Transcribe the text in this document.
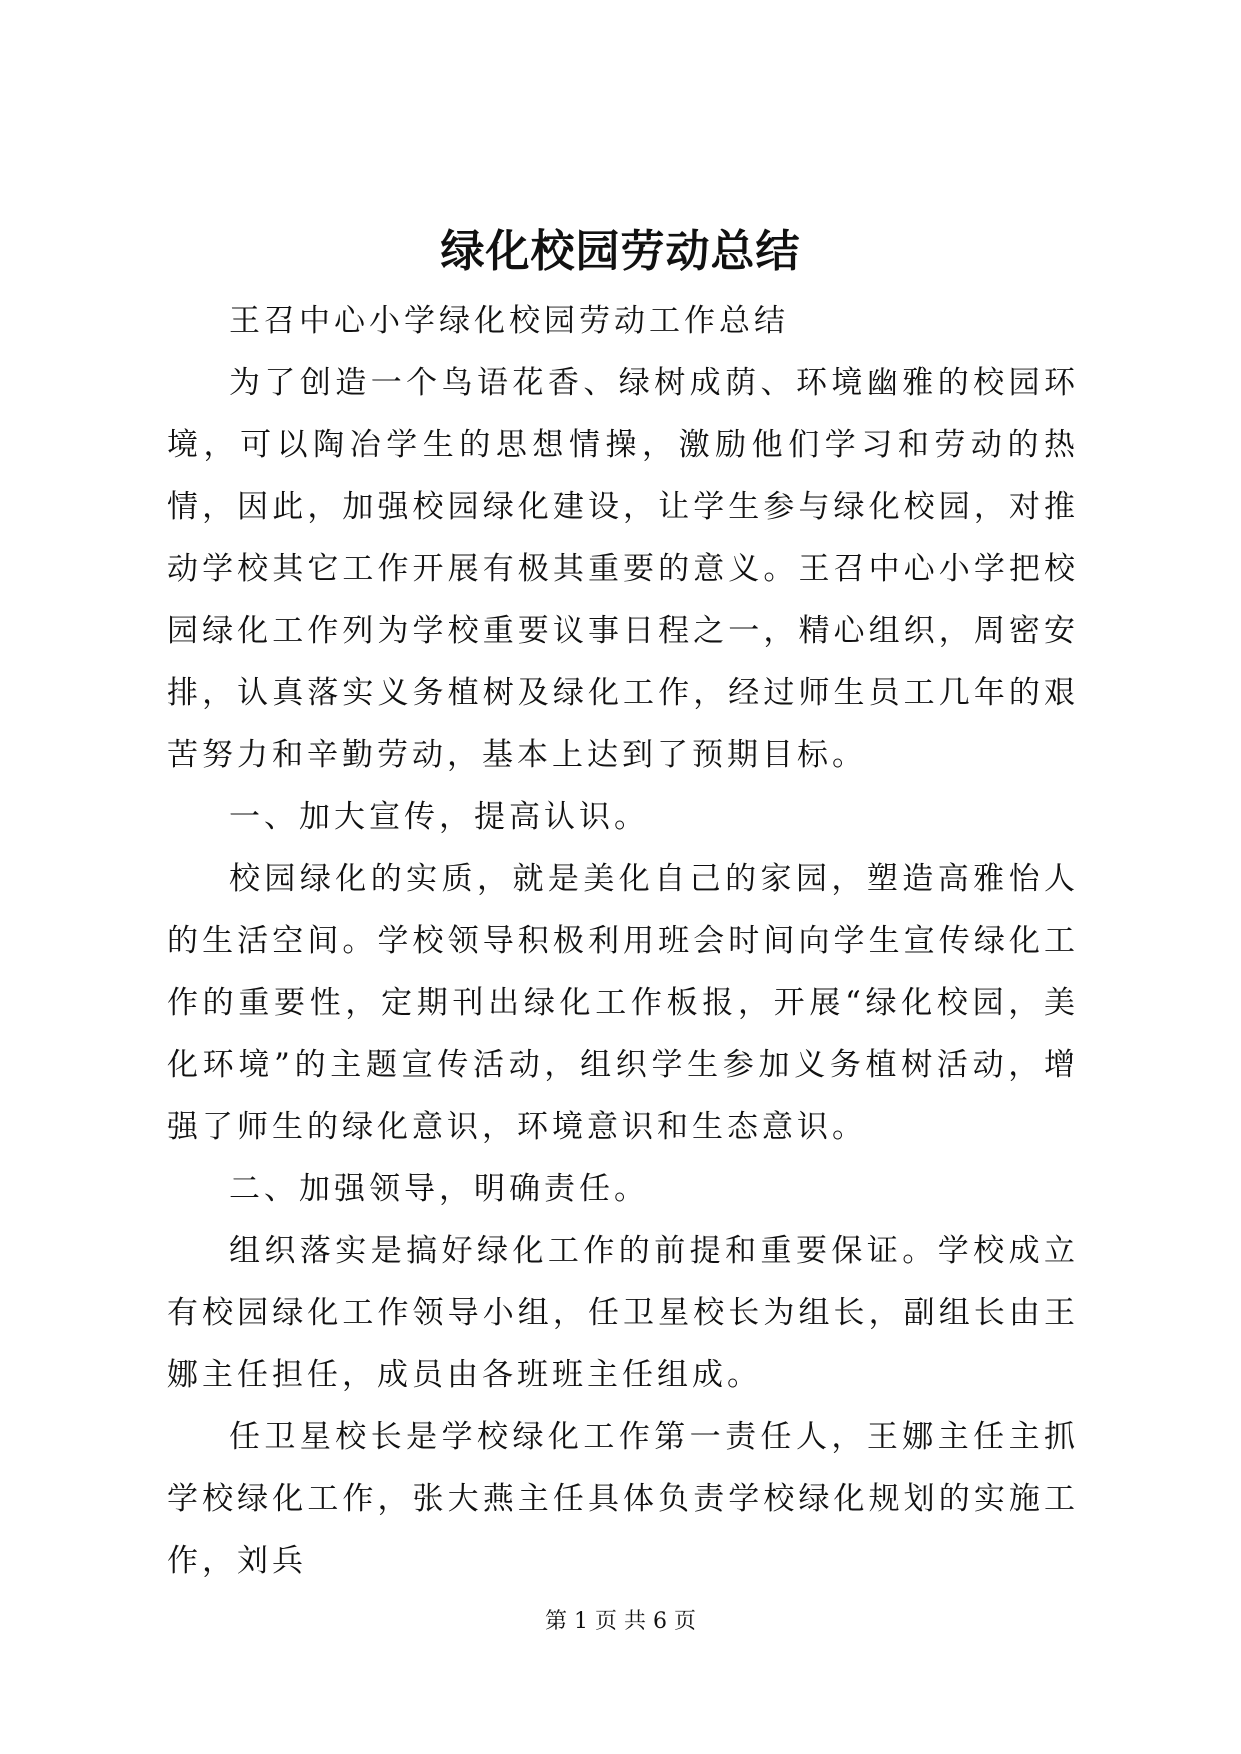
绿化校园劳动总结

王召中心小学绿化校园劳动工作总结

为了创造一个鸟语花香、绿树成荫、环境幽雅的校园环境，可以陶冶学生的思想情操，激励他们学习和劳动的热情，因此，加强校园绿化建设，让学生参与绿化校园，对推动学校其它工作开展有极其重要的意义。王召中心小学把校园绿化工作列为学校重要议事日程之一，精心组织，周密安排，认真落实义务植树及绿化工作，经过师生员工几年的艰苦努力和辛勤劳动，基本上达到了预期目标。

一、加大宣传，提高认识。

校园绿化的实质，就是美化自己的家园，塑造高雅怡人的生活空间。学校领导积极利用班会时间向学生宣传绿化工作的重要性，定期刊出绿化工作板报，开展“绿化校园，美化环境”的主题宣传活动，组织学生参加义务植树活动，增强了师生的绿化意识，环境意识和生态意识。

二、加强领导，明确责任。

组织落实是搞好绿化工作的前提和重要保证。学校成立有校园绿化工作领导小组，任卫星校长为组长，副组长由王娜主任担任，成员由各班班主任组成。

任卫星校长是学校绿化工作第一责任人，王娜主任主抓学校绿化工作，张大燕主任具体负责学校绿化规划的实施工作，刘兵

第 1 页 共 6 页
